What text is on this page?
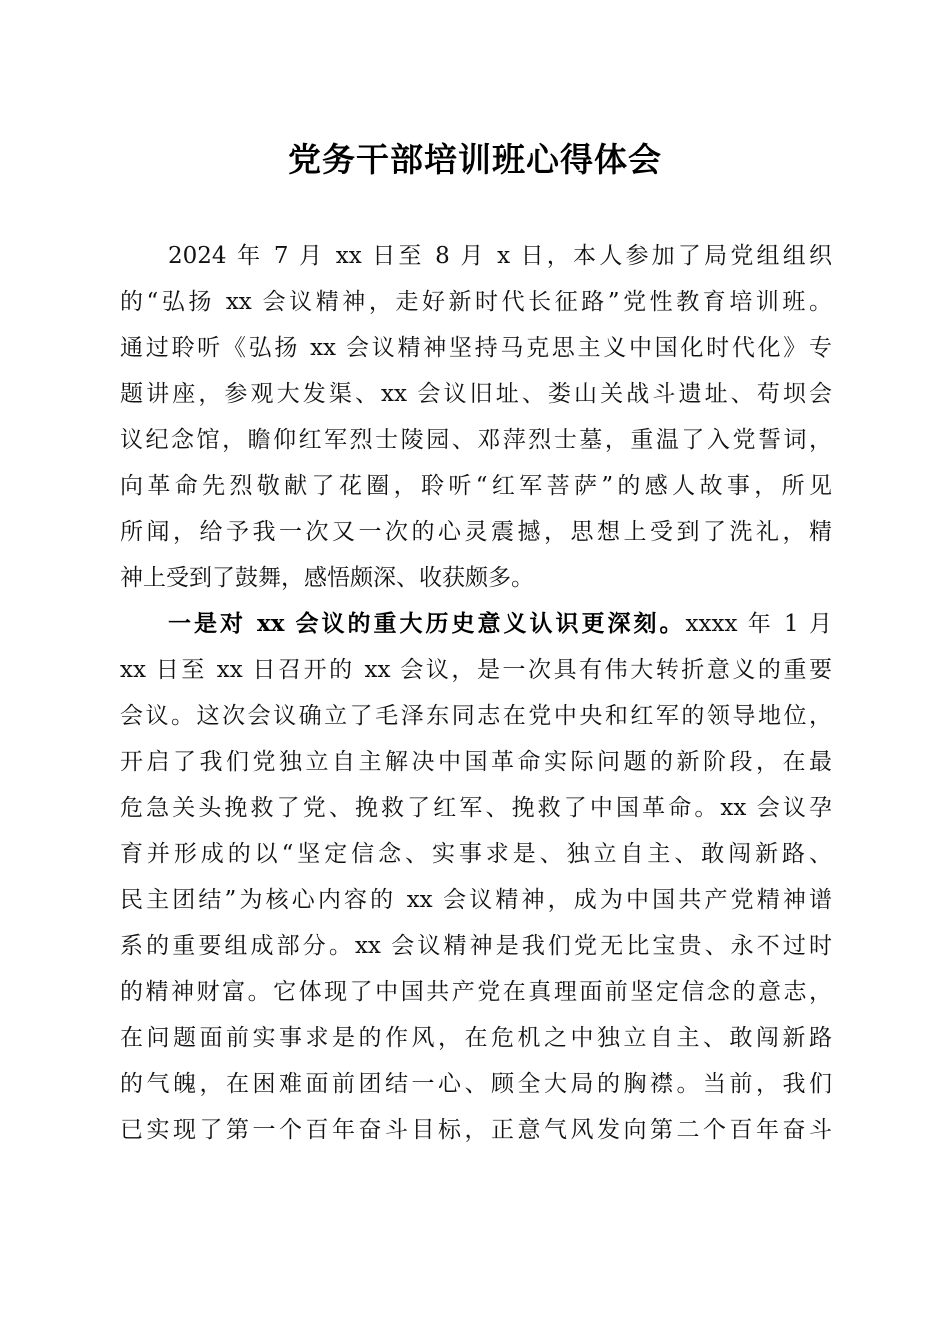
党务干部培训班心得体会
2024 年 7 月 xx 日至 8 月 x 日，本人参加了局党组组织
的“弘扬 xx 会议精神，走好新时代长征路”党性教育培训班。
通过聆听《弘扬 xx 会议精神坚持马克思主义中国化时代化》专
题讲座，参观大发渠、xx 会议旧址、娄山关战斗遗址、苟坝会
议纪念馆，瞻仰红军烈士陵园、邓萍烈士墓，重温了入党誓词，
向革命先烈敬献了花圈，聆听“红军菩萨”的感人故事，所见
所闻，给予我一次又一次的心灵震撼，思想上受到了洗礼，精
神上受到了鼓舞，感悟颇深、收获颇多。
一是对 xx 会议的重大历史意义认识更深刻。xxxx 年 1 月
xx 日至 xx 日召开的 xx 会议，是一次具有伟大转折意义的重要
会议。这次会议确立了毛泽东同志在党中央和红军的领导地位，
开启了我们党独立自主解决中国革命实际问题的新阶段，在最
危急关头挽救了党、挽救了红军、挽救了中国革命。xx 会议孕
育并形成的以“坚定信念、实事求是、独立自主、敢闯新路、
民主团结”为核心内容的 xx 会议精神，成为中国共产党精神谱
系的重要组成部分。xx 会议精神是我们党无比宝贵、永不过时
的精神财富。它体现了中国共产党在真理面前坚定信念的意志，
在问题面前实事求是的作风，在危机之中独立自主、敢闯新路
的气魄，在困难面前团结一心、顾全大局的胸襟。当前，我们
已实现了第一个百年奋斗目标，正意气风发向第二个百年奋斗
